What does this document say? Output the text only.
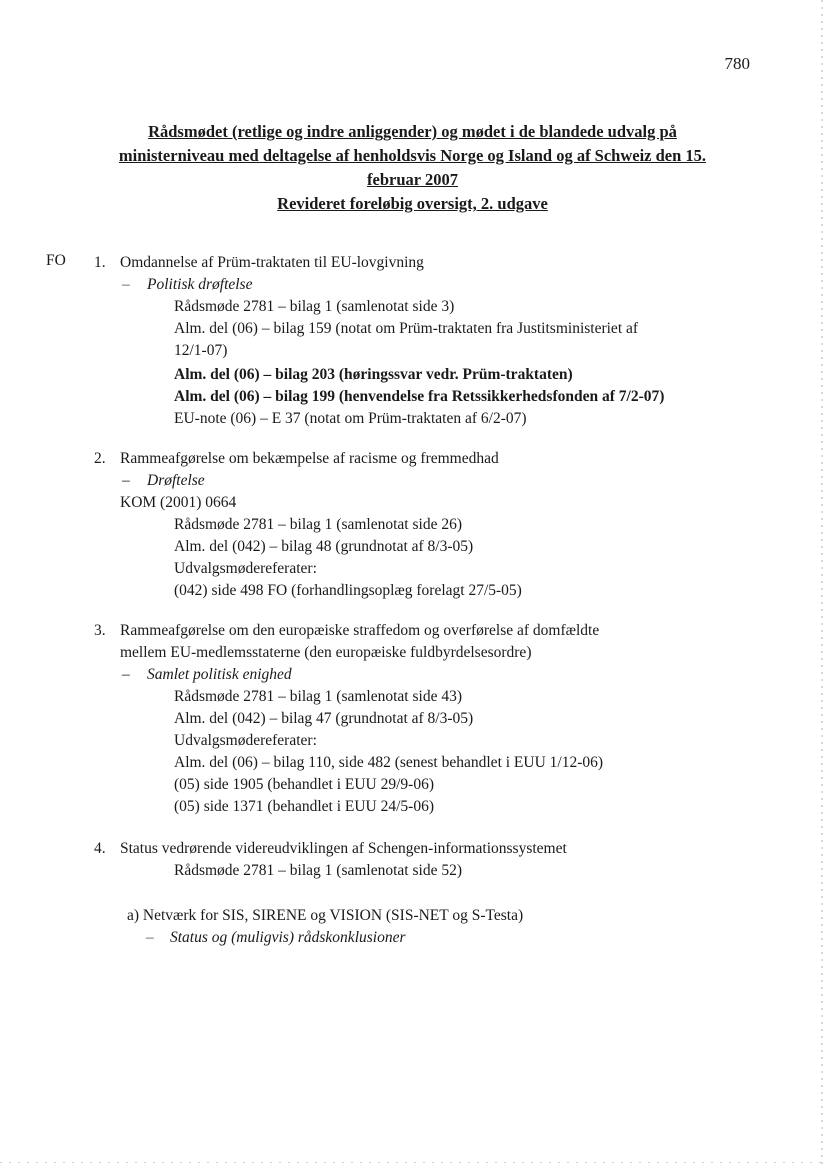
780
Rådsmødet (retlige og indre anliggender) og mødet i de blandede udvalg på
ministerniveau med deltagelse af henholdsvis Norge og Island og af Schweiz den 15.
februar 2007
Revideret foreløbig oversigt, 2. udgave
FO 1. Omdannelse af Prüm-traktaten til EU-lovgivning
– Politisk drøftelse
Rådsmøde 2781 – bilag 1 (samlenotat side 3)
Alm. del (06) – bilag 159 (notat om Prüm-traktaten fra Justitsministeriet af
12/1-07)
Alm. del (06) – bilag 203 (høringssvar vedr. Prüm-traktaten)
Alm. del (06) – bilag 199 (henvendelse fra Retssikkerhedsfonden af 7/2-07)
EU-note (06) – E 37 (notat om Prüm-traktaten af 6/2-07)
2. Rammeafgørelse om bekæmpelse af racisme og fremmedhad
– Drøftelse
KOM (2001) 0664
Rådsmøde 2781 – bilag 1 (samlenotat side 26)
Alm. del (042) – bilag 48 (grundnotat af 8/3-05)
Udvalgsmødereferater:
(042) side 498 FO (forhandlingsoplæg forelagt 27/5-05)
3. Rammeafgørelse om den europæiske straffedom og overførelse af domfældte
mellem EU-medlemsstaterne (den europæiske fuldbyrdelsesordre)
– Samlet politisk enighed
Rådsmøde 2781 – bilag 1 (samlenotat side 43)
Alm. del (042) – bilag 47 (grundnotat af 8/3-05)
Udvalgsmødereferater:
Alm. del (06) – bilag 110, side 482 (senest behandlet i EUU 1/12-06)
(05) side 1905 (behandlet i EUU 29/9-06)
(05) side 1371 (behandlet i EUU 24/5-06)
4. Status vedrørende videreudviklingen af Schengen-informationssystemet
Rådsmøde 2781 – bilag 1 (samlenotat side 52)
a) Netværk for SIS, SIRENE og VISION (SIS-NET og S-Testa)
– Status og (muligvis) rådskonklusioner
